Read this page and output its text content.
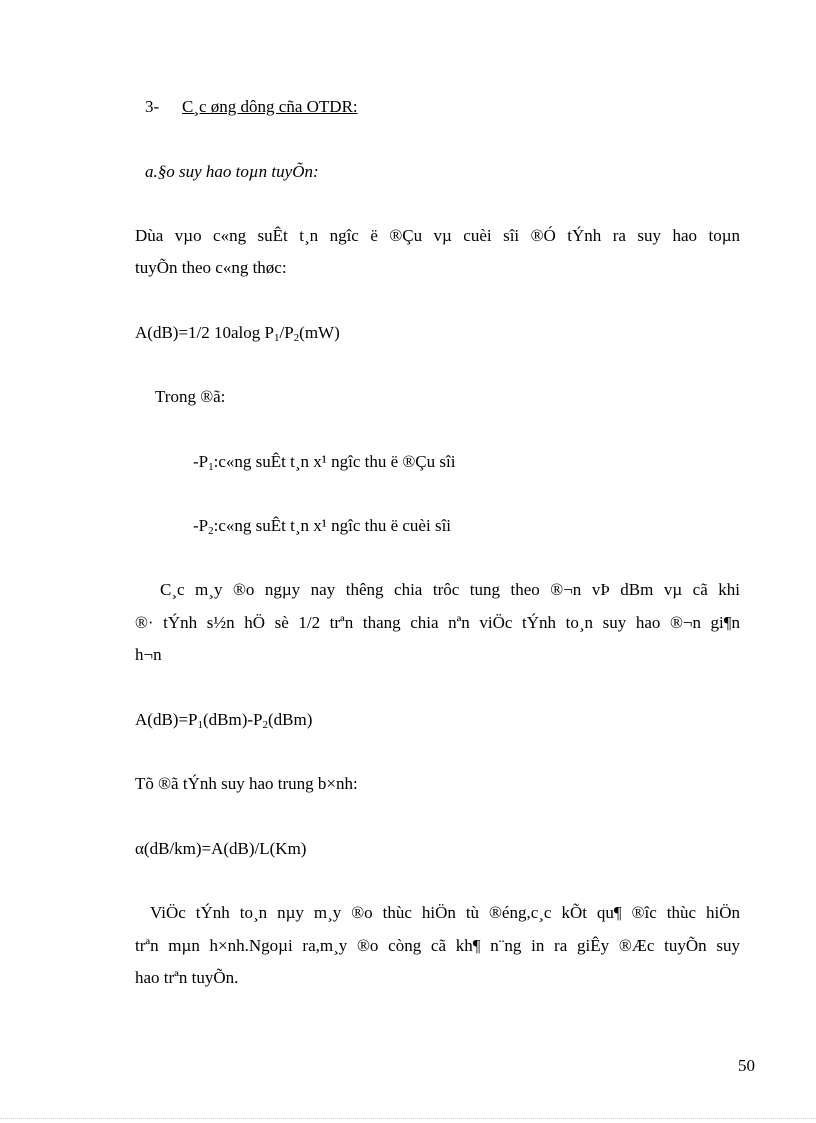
3- C¸c øng dông cña OTDR:
a.§o suy hao toµn tuyÕn:
Dùa vµo c«ng suÊt t¸n ngîc ë ®Çu vµ cuèi sîi ®Ó tÝnh ra suy hao toµn
tuyÕn theo c«ng thøc:
A(dB)=1/2 10alog $P_1/P_2(mW)$
Trong ®ã:
$-P_1:c«ng$ suÊt t¸n x¹ ngîc thu ë ®Çu sîi
$-P_2:c«ng$ suÊt t¸n x¹ ngîc thu ë cuèi sîi
C¸c m¸y ®o ngµy nay thêng chia trôc tung theo ®¬n vÞ dBm vµ cã khi
®· tÝnh s½n hÖ sè 1/2 trªn thang chia nªn viÖc tÝnh to¸n suy hao ®¬n gi¶n
h¬n
$A(dB)=P_1(dBm)-P_2(dBm)$
Tõ ®ã tÝnh suy hao trung b×nh:
α(dB/km)=A(dB)/L(Km)
ViÖc tÝnh to¸n nµy m¸y ®o thùc hiÖn tù ®éng,c¸c kÕt qu¶ ®îc thùc hiÖn
trªn mµn h×nh.Ngoµi ra,m¸y ®o còng cã kh¶ n¨ng in ra giÊy ®Æc tuyÕn suy
hao trªn tuyÕn.
50
